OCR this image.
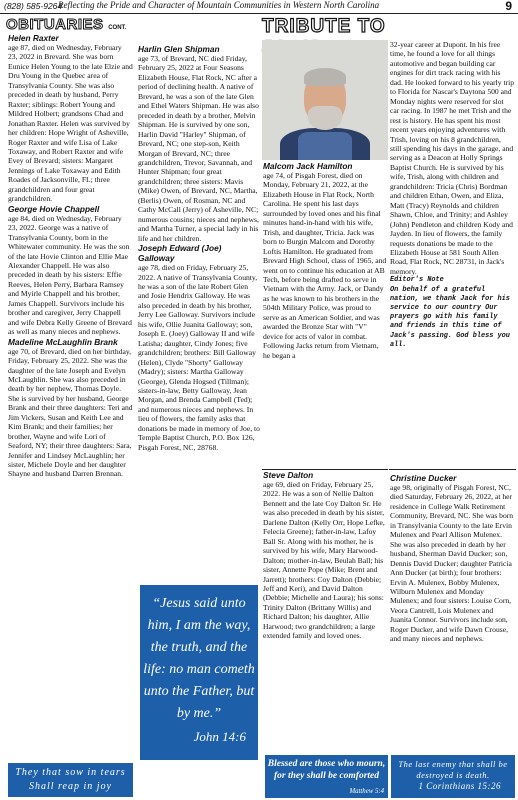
(828) 585-9264
Reflecting the Pride and Character of Mountain Communities in Western North Carolina	9
OBITUARIES CONT.

Helen Raxter

age 87, died on Wednesday, February 23, 2022 in Brevard. She was born Eunice Helen Young to the late Elzie and Dru Young in the Quebec area of Transylvania County. She was also preceded in death by husband, Perry Raxter; siblings: Robert Young and Mildred Holbert; grandsons Chad and Jonathan Raxter. Helen was survived by her children: Hope Wright of Asheville, Roger Raxter and wife Lisa of Lake Toxaway, and Robert Raxter and wife Evey of Brevard; sisters: Margaret Jennings of Lake Toxaway and Edith Roades of Jacksonville, FL; three grandchildren and four great grandchildren.

George Hovie Chappell

age 84, died on Wednesday, February 23, 2022. George was a native of Transylvania County, born in the Whitewater community. He was the son of the late Hovie Clinton and Ellie Mae Alexander Chappell. He was also preceded in death by his sisters: Effie Reeves, Helen Perry, Barbara Ramsey and Myirle Chappell and his brother, James Chappell. Survivors include his brother and caregiver, Jerry Chappell and wife Debra Kelly Greene of Brevard as well as many nieces and nephews.

Madeline McLaughlin Brank

age 70, of Brevard, died on her birthday, Friday, February 25, 2022. She was the daughter of the late Joseph and Evelyn McLaughlin. She was also preceded in death by her nephew, Thomas Doyle. She is survived by her husband, George Brank and their three daughters: Teri and Jim Vickers, Susan and Keith Lee and Kim Brank; and their families; her brother, Wayne and wife Lori of Seaford, NY; their three daughters: Sara, Jennifer and Lindsey McLaughlin; her sister, Michele Doyle and her daughter Shayne and husband Darren Brennan.

Harlin Glen Shipman

age 73, of Brevard, NC died Friday, February 25, 2022 at Four Seasons Elizabeth House, Flat Rock, NC after a period of declining health. A native of Brevard, he was a son of the late Glen and Ethel Waters Shipman. He was also preceded in death by a brother, Melvin Shipman. He is survived by one son, Harlin David "Harley" Shipman, of Brevard, NC; one step-son, Keith Morgan of Brevard, NC; three grandchildren, Trevor, Savannah, and Hunter Shipman; four great grandchildren; three sisters: Mavis (Mike) Owen, of Brevard, NC, Martha, (Berlis) Owen, of Rosman, NC and Cathy McCall (Jerry) of Asheville, NC; numerous cousins; nieces and nephews, and Martha Turner, a special lady in his life and her children.

Joseph Edward (Joe) Galloway

age 78, died on Friday, February 25, 2022. A native of Transylvania County, he was a son of the late Robert Glen and Josie Hendrix Galloway. He was also preceded in death by his brother, Jerry Lee Galloway. Survivors include his wife, Ollie Juanita Galloway; son, Joseph E. (Joey) Galloway II and wife Latisha; daughter, Cindy Jones; five grandchildren; brothers: Bill Galloway (Helen), Clyde "Shorty" Galloway (Madry); sisters: Martha Galloway (George), Glenda Hogsed (Tillman); sisters-in-law, Betty Galloway, Jean Morgan, and Brenda Campbell (Ted); and numerous nieces and nephews. In lieu of flowers, the family asks that donations be made in memory of Joe, to Temple Baptist Church, P.O. Box 126, Pisgah Forest, NC, 28768.

TRIBUTE TO

Malcom Jack Hamilton

age 74, of Pisgah Forest, died on Monday, February 21, 2022, at the Elizabeth House in Flat Rock, North Carolina. He spent his last days surrounded by loved ones and his final minutes hand-in-hand with his wife, Trish, and daughter, Tricia. Jack was born to Burgin Malcom and Dorothy Loftis Hamilton. He graduated from Brevard High School, class of 1965, and went on to continue his education at AB Tech, before being drafted to serve in Vietnam with the Army. Jack, or Dandy as he was known to his brothers in the 504th Military Police, was proud to serve as an American Soldier, and was awarded the Bronze Star with "V" device for acts of valor in combat. Following Jacks return from Vietnam, he began a

32-year career at Dupont. In his free time, he found a love for all things automotive and began building car engines for dirt track racing with his dad. He looked forward to his yearly trip to Florida for Nascar's Daytona 500 and Monday nights were reserved for slot car racing. In 1987 he met Trish and the rest is history. He has spent his most recent years enjoying adventures with Trish, loving on his 8 grandchildren, still spending his days in the garage, and serving as a Deacon at Holly Springs Baptist Church. He is survived by his wife, Trish, along with children and grandchildren: Tricia (Chris) Bordman and children Ethan, Owen, and Eliza, Matt (Tracy) Reynolds and children Shawn, Chloe, and Trinity; and Ashley (John) Pendleton and children Kody and Jayden. In lieu of flowers, the family requests donations be made to the Elizabeth House at 581 South Allen Road, Flat Rock, NC 28731, in Jack's memory.

Editor's Note

On behalf of a grateful nation, we thank Jack for his service to our country Our prayers go with his family and friends in this time of Jack's passing. God bless you all.

Steve Dalton

age 69, died on Friday, February 25, 2022. He was a son of Nellie Dalton Bennett and the late Coy Dalton Sr. He was also preceded in death by his sister, Darlene Dalton (Kelly Orr, Hope Lefke, Felecia Greene); father-in-law, Lafoy Ball Sr. Along with his mother, he is survived by his wife, Mary Harwood-Dalton; mother-in-law, Beulah Ball; his sister, Annette Pope (Mike; Brent and Jarrett); brothers: Coy Dalton (Debbie; Jeff and Keri), and David Dalton (Debbie; Michelle and Laura); his sons: Trinity Dalton (Brittany Willis) and Richard Dalton; his daughter, Allie Harwood; two grandchildren; a large extended family and loved ones.

Christine Ducker

age 98, originally of Pisgah Forest, NC, died Saturday, February 26, 2022, at her residence in College Walk Retirement Community, Brevard, NC. She was born in Transylvania County to the late Ervin Mulenex and Pearl Allison Mulenex. She was also preceded in death by her husband, Sherman David Ducker; son, Dennis David Ducker; daughter Patricia Ann Ducker (at birth); four brothers: Ervin A. Mulenex, Bobby Mulenex, Wilburn Mulenex and Monday Mulenex; and four sisters: Louise Corn, Veora Cantrell, Lois Mulenex and Juanita Connor. Survivors include son, Roger Ducker, and wife Dawn Crouse, and many nieces and nephews.

“Jesus said unto him, I am the way, the truth, and the life: no man cometh unto the Father, but by me.”
John 14:6
They that sow in tears Shall reap in joy
Blessed are those who mourn, for they shall be comforted
Matthew 5:4
The last enemy that shall be destroyed is death.
1 Corinthians 15:26
